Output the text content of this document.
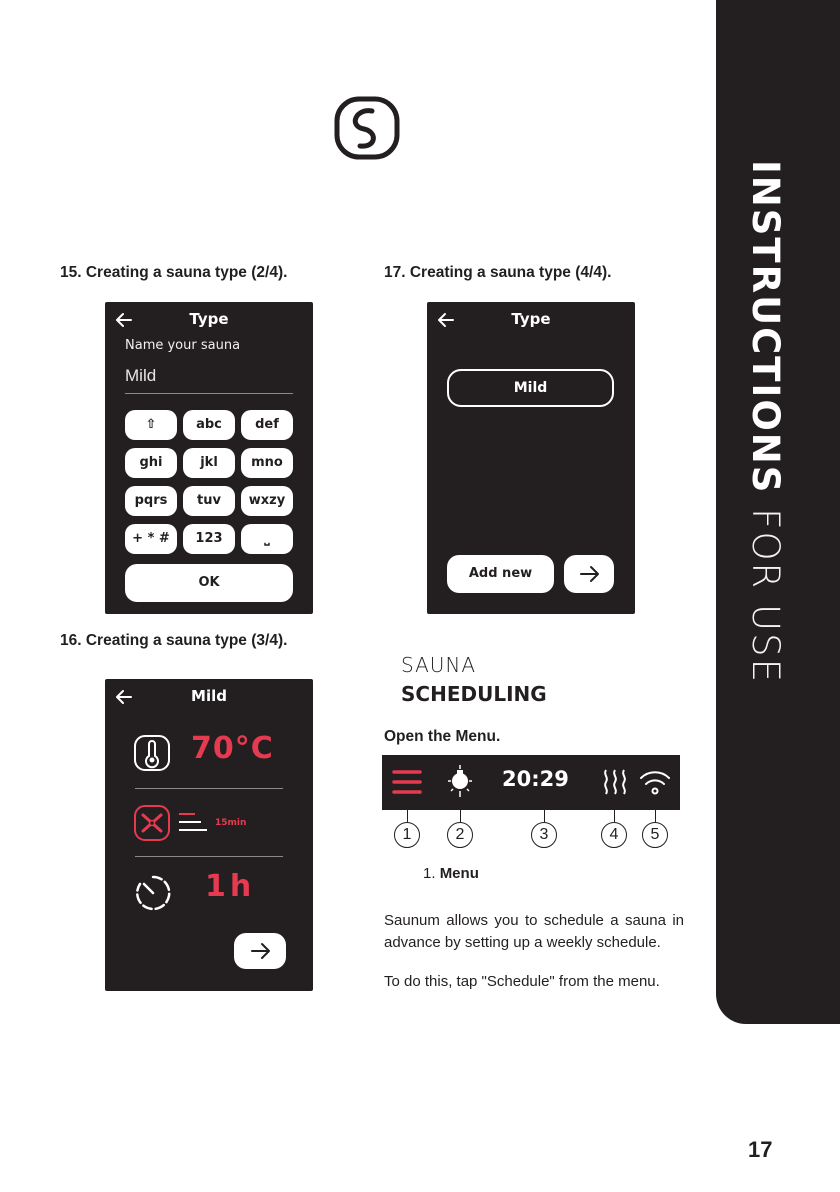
INSTRUCTIONS FOR USE
15. Creating a sauna type (2/4).
Type
Name your sauna
Mild
⇧	abc	def
ghi	jkl	mno
pqrs	tuv	wxzy
+ * #	123	⎵
OK
17. Creating a sauna type (4/4).
Type
Mild
Add new
16. Creating a sauna type (3/4).
Mild
70°C
15min
1h
SAUNA
SCHEDULING
Open the Menu.
20:29
1	2	3	4	5
1. Menu
Saunum allows you to schedule a sauna in advance by setting up a weekly schedule.
To do this, tap "Schedule" from the menu.
17
